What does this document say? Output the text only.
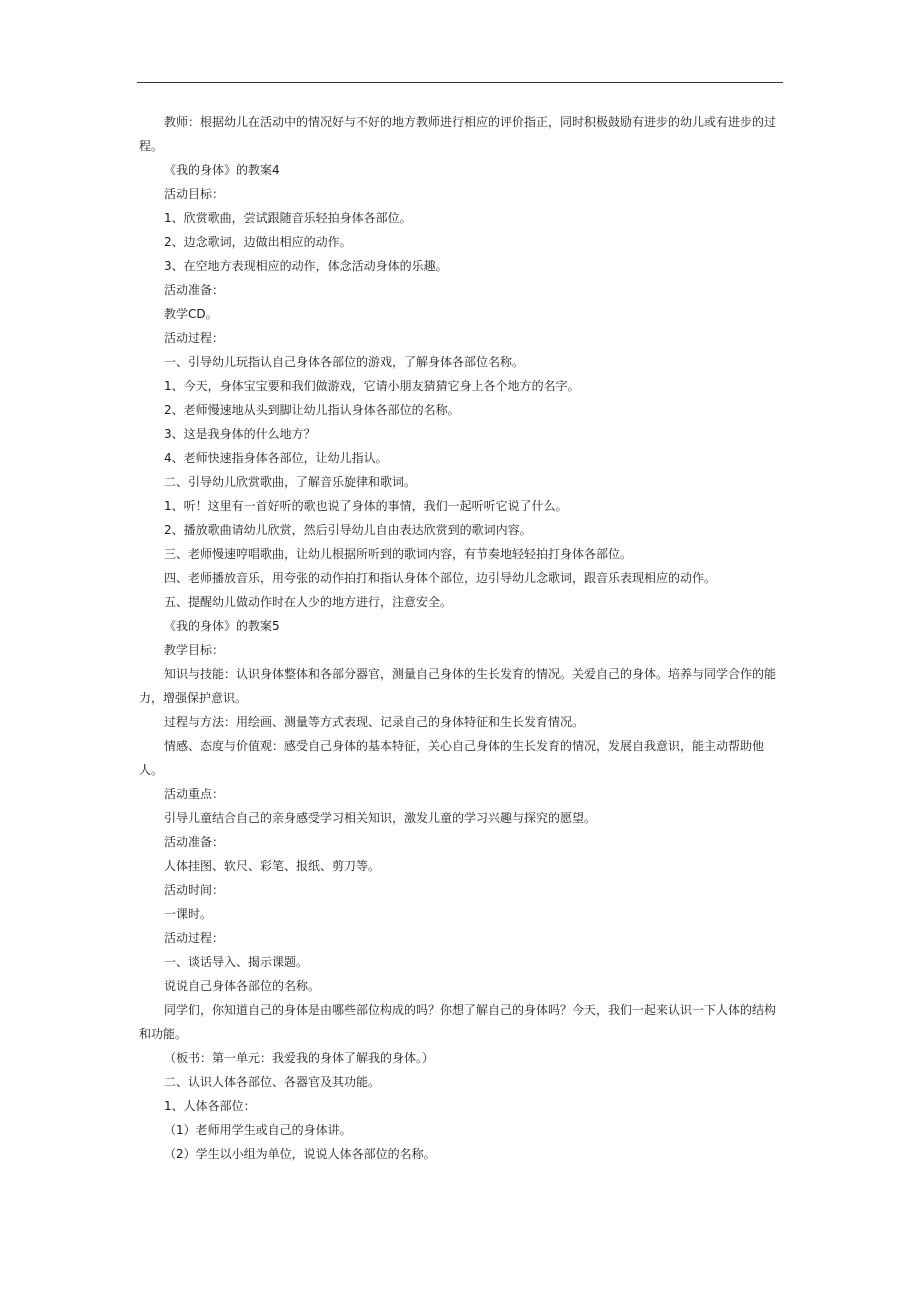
教师：根据幼儿在活动中的情况好与不好的地方教师进行相应的评价指正，同时积极鼓励有进步的幼儿或有进步的过程。

《我的身体》的教案4

活动目标：

1、欣赏歌曲，尝试跟随音乐轻拍身体各部位。

2、边念歌词，边做出相应的动作。

3、在空地方表现相应的动作，体念活动身体的乐趣。

活动准备：

教学CD。

活动过程：

一、引导幼儿玩指认自己身体各部位的游戏，了解身体各部位名称。

1、今天，身体宝宝要和我们做游戏，它请小朋友猜猜它身上各个地方的名字。

2、老师慢速地从头到脚让幼儿指认身体各部位的名称。

3、这是我身体的什么地方？

4、老师快速指身体各部位，让幼儿指认。

二、引导幼儿欣赏歌曲，了解音乐旋律和歌词。

1、听！这里有一首好听的歌也说了身体的事情，我们一起听听它说了什么。

2、播放歌曲请幼儿欣赏，然后引导幼儿自由表达欣赏到的歌词内容。

三、老师慢速哼唱歌曲，让幼儿根据所听到的歌词内容，有节奏地轻轻拍打身体各部位。

四、老师播放音乐，用夸张的动作拍打和指认身体个部位，边引导幼儿念歌词，跟音乐表现相应的动作。

五、提醒幼儿做动作时在人少的地方进行，注意安全。

《我的身体》的教案5

教学目标：

知识与技能：认识身体整体和各部分器官，测量自己身体的生长发育的情况。关爱自己的身体。培养与同学合作的能力，增强保护意识。

过程与方法：用绘画、测量等方式表现、记录自己的身体特征和生长发育情况。

情感、态度与价值观：感受自己身体的基本特征，关心自己身体的生长发育的情况，发展自我意识，能主动帮助他人。

活动重点：

引导儿童结合自己的亲身感受学习相关知识，激发儿童的学习兴趣与探究的愿望。

活动准备：

人体挂图、软尺、彩笔、报纸、剪刀等。

活动时间：

一课时。

活动过程：

一、谈话导入、揭示课题。

说说自己身体各部位的名称。

同学们，你知道自己的身体是由哪些部位构成的吗？你想了解自己的身体吗？今天，我们一起来认识一下人体的结构和功能。

（板书：第一单元：我爱我的身体了解我的身体。）

二、认识人体各部位、各器官及其功能。

1、人体各部位：

（1）老师用学生或自己的身体讲。

（2）学生以小组为单位，说说人体各部位的名称。
